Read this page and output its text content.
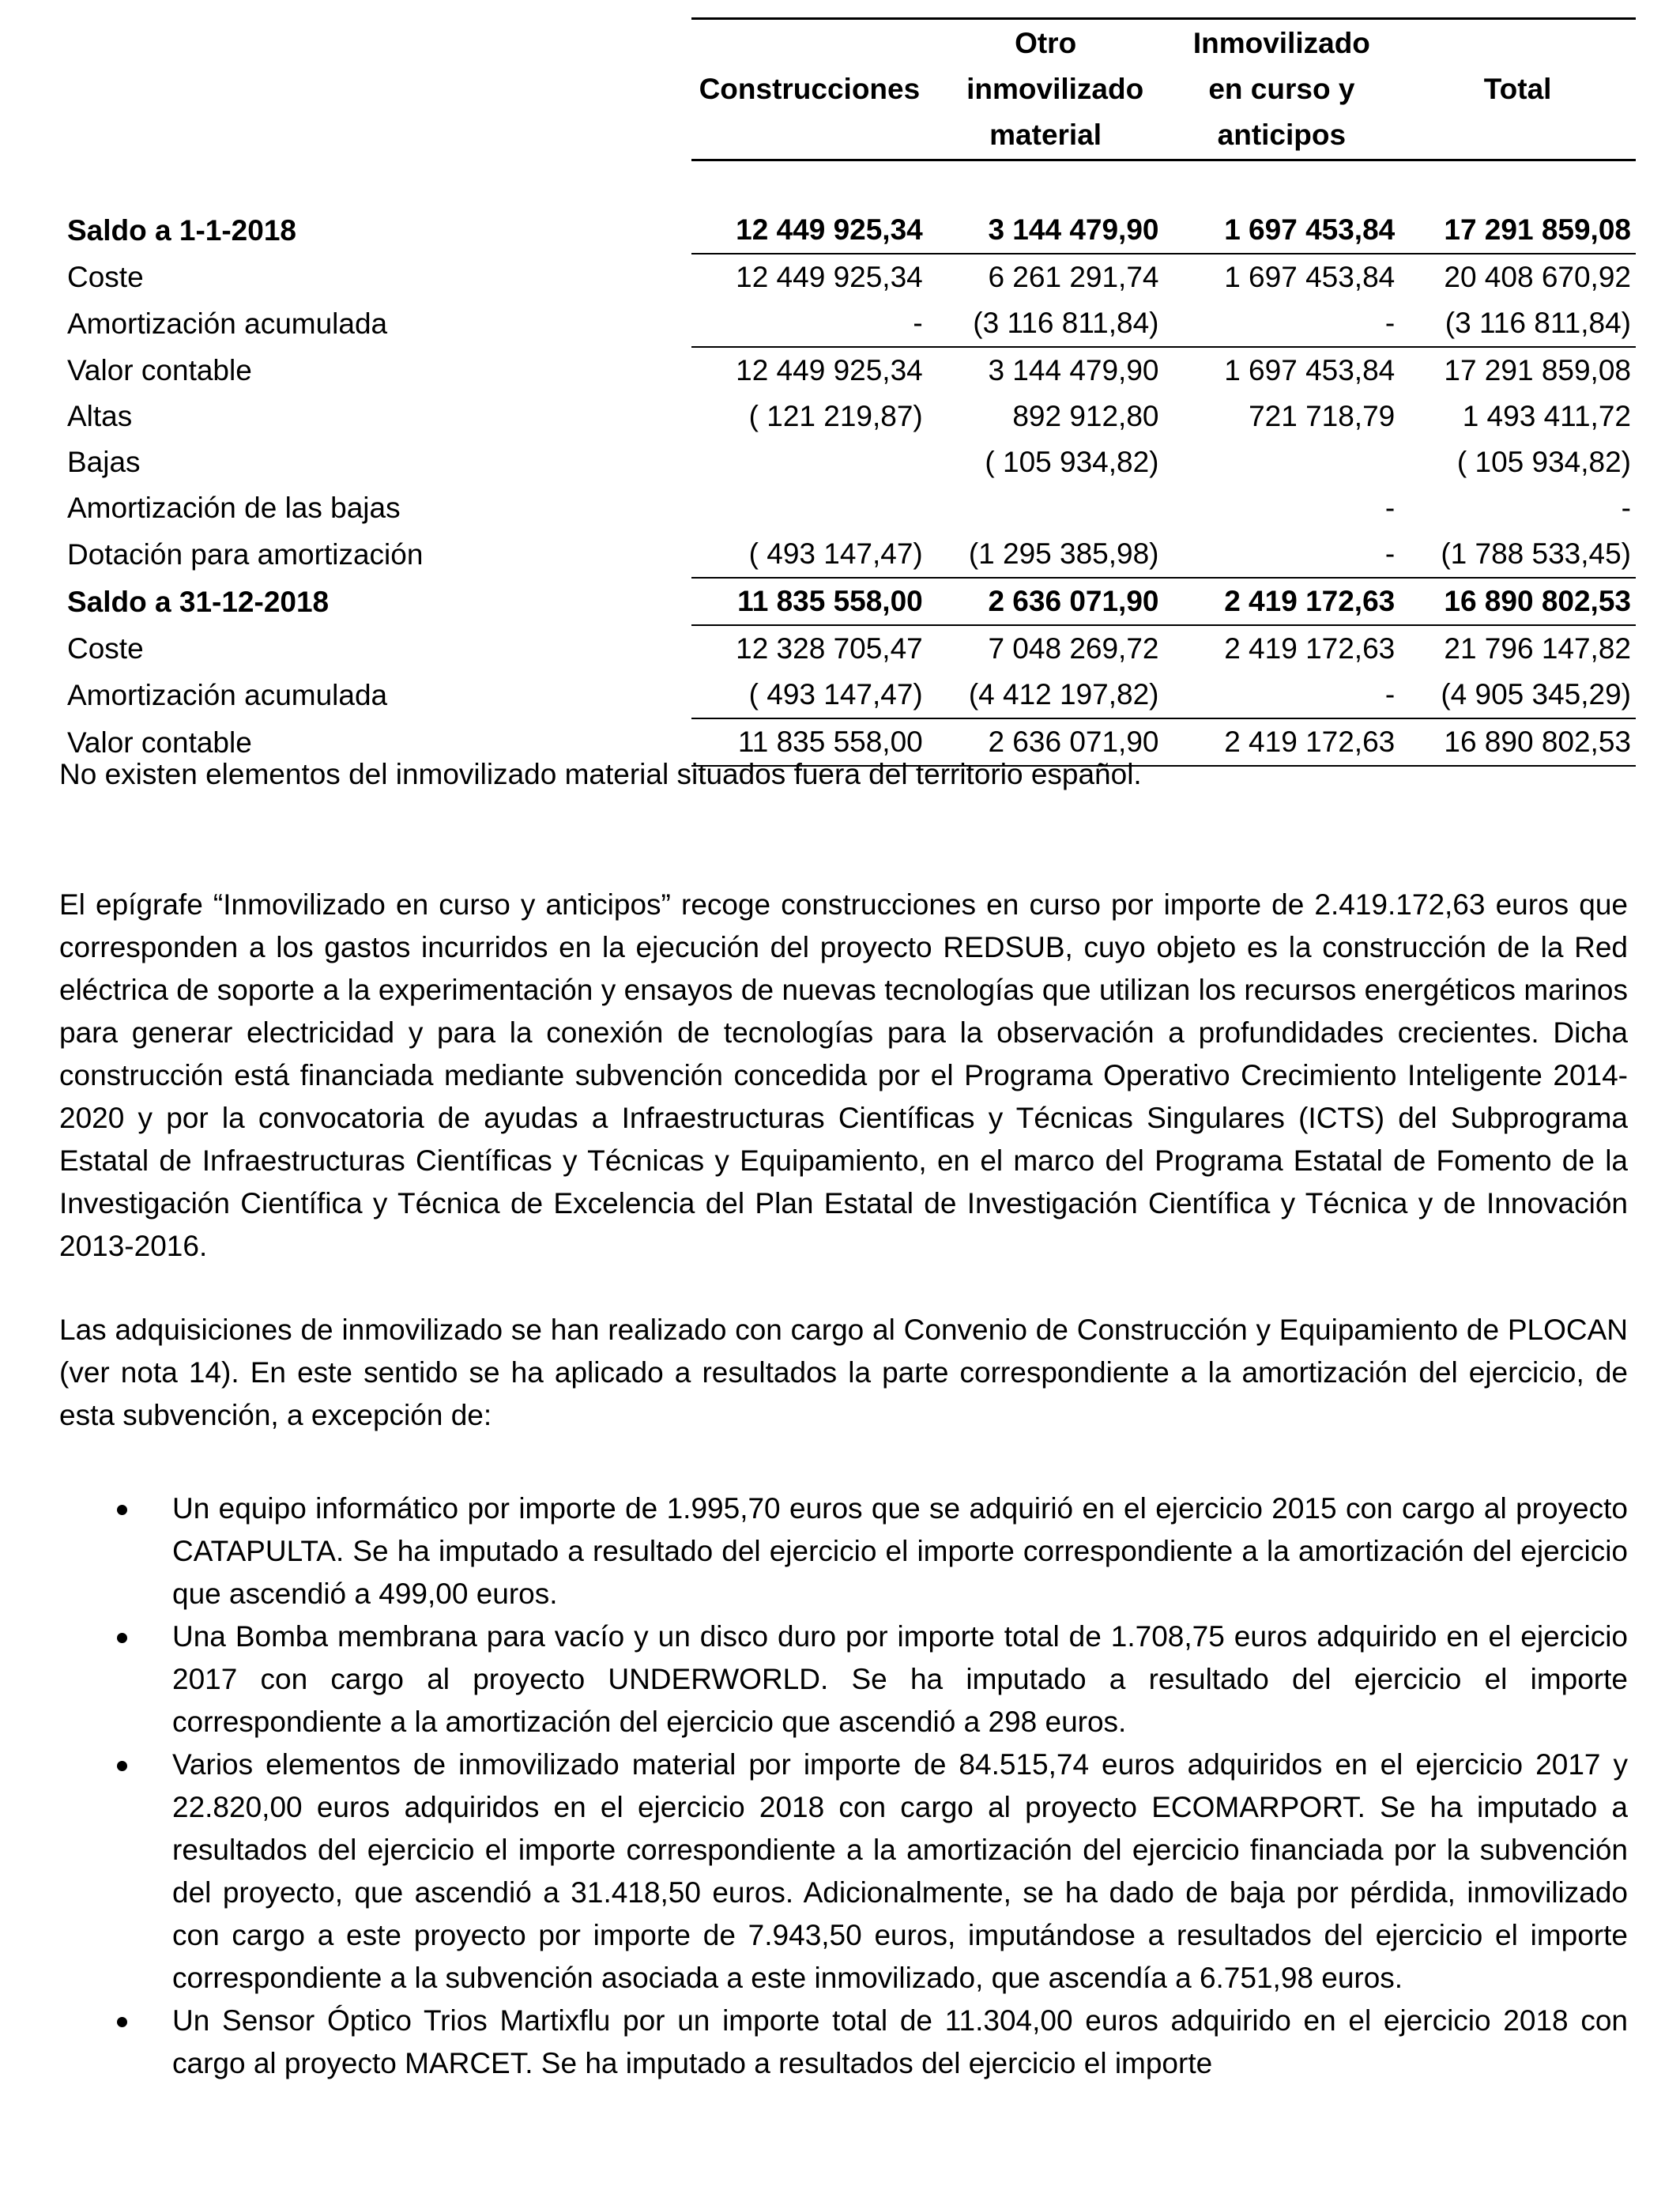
	Construcciones	Otro inmovilizado material	Inmovilizado en curso y anticipos	Total

Saldo a 1-1-2018	12 449 925,34	3 144 479,90	1 697 453,84	17 291 859,08
Coste	12 449 925,34	6 261 291,74	1 697 453,84	20 408 670,92
Amortización acumulada	-	(3 116 811,84)	-	(3 116 811,84)
Valor contable	12 449 925,34	3 144 479,90	1 697 453,84	17 291 859,08
Altas	( 121 219,87)	892 912,80	721 718,79	1 493 411,72
Bajas		( 105 934,82)		( 105 934,82)
Amortización de las bajas			-	-
Dotación para amortización	( 493 147,47)	(1 295 385,98)	-	(1 788 533,45)
Saldo a 31-12-2018	11 835 558,00	2 636 071,90	2 419 172,63	16 890 802,53
Coste	12 328 705,47	7 048 269,72	2 419 172,63	21 796 147,82
Amortización acumulada	( 493 147,47)	(4 412 197,82)	-	(4 905 345,29)
Valor contable	11 835 558,00	2 636 071,90	2 419 172,63	16 890 802,53
No existen elementos del inmovilizado material situados fuera del territorio español.

El epígrafe “Inmovilizado en curso y anticipos” recoge construcciones en curso por importe de 2.419.172,63 euros que corresponden a los gastos incurridos en la ejecución del proyecto REDSUB, cuyo objeto es la construcción de la Red eléctrica de soporte a la experimentación y ensayos de nuevas tecnologías que utilizan los recursos energéticos marinos para generar electricidad y para la conexión de tecnologías para la observación a profundidades crecientes. Dicha construcción está financiada mediante subvención concedida por el Programa Operativo Crecimiento Inteligente 2014-2020 y por la convocatoria de ayudas a Infraestructuras Científicas y Técnicas Singulares (ICTS) del Subprograma Estatal de Infraestructuras Científicas y Técnicas y Equipamiento, en el marco del Programa Estatal de Fomento de la Investigación Científica y Técnica de Excelencia del Plan Estatal de Investigación Científica y Técnica y de Innovación 2013-2016.

Las adquisiciones de inmovilizado se han realizado con cargo al Convenio de Construcción y Equipamiento de PLOCAN (ver nota 14). En este sentido se ha aplicado a resultados la parte correspondiente a la amortización del ejercicio, de esta subvención, a excepción de:

Un equipo informático por importe de 1.995,70 euros que se adquirió en el ejercicio 2015 con cargo al proyecto CATAPULTA. Se ha imputado a resultado del ejercicio el importe correspondiente a la amortización del ejercicio que ascendió a 499,00 euros.
Una Bomba membrana para vacío y un disco duro por importe total de 1.708,75 euros adquirido en el ejercicio 2017 con cargo al proyecto UNDERWORLD. Se ha imputado a resultado del ejercicio el importe correspondiente a la amortización del ejercicio que ascendió a 298 euros.
Varios elementos de inmovilizado material por importe de 84.515,74 euros adquiridos en el ejercicio 2017 y 22.820,00 euros adquiridos en el ejercicio 2018 con cargo al proyecto ECOMARPORT. Se ha imputado a resultados del ejercicio el importe correspondiente a la amortización del ejercicio financiada por la subvención del proyecto, que ascendió a 31.418,50 euros. Adicionalmente, se ha dado de baja por pérdida, inmovilizado con cargo a este proyecto por importe de 7.943,50 euros, imputándose a resultados del ejercicio el importe correspondiente a la subvención asociada a este inmovilizado, que ascendía a 6.751,98 euros.
Un Sensor Óptico Trios Martixflu por un importe total de 11.304,00 euros adquirido en el ejercicio 2018 con cargo al proyecto MARCET. Se ha imputado a resultados del ejercicio el importe
